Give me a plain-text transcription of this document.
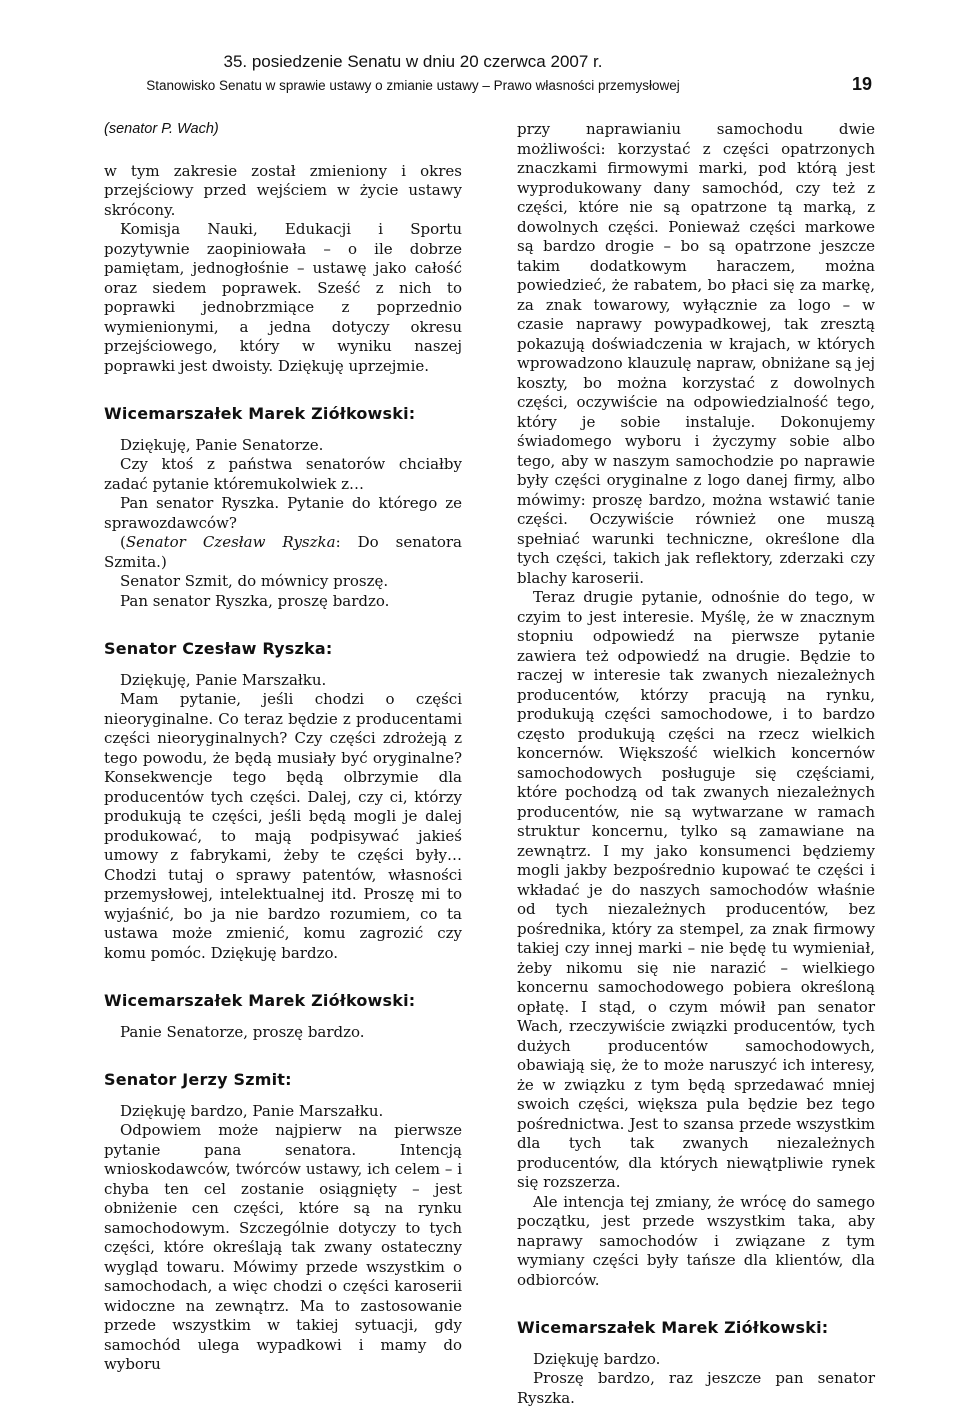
35. posiedzenie Senatu w dniu 20 czerwca 2007 r.
Stanowisko Senatu w sprawie ustawy o zmianie ustawy – Prawo własności przemysłowej	19

(senator P. Wach)

w tym zakresie został zmieniony i okres przejściowy przed wejściem w życie ustawy skrócony.

Komisja Nauki, Edukacji i Sportu pozytywnie zaopiniowała – o ile dobrze pamiętam, jednogłośnie – ustawę jako całość oraz siedem poprawek. Sześć z nich to poprawki jednobrzmiące z poprzednio wymienionymi, a jedna dotyczy okresu przejściowego, który w wyniku naszej poprawki jest dwoisty. Dziękuję uprzejmie.

Wicemarszałek Marek Ziółkowski:

Dziękuję, Panie Senatorze.

Czy ktoś z państwa senatorów chciałby zadać pytanie któremukolwiek z…

Pan senator Ryszka. Pytanie do którego ze sprawozdawców?

(Senator Czesław Ryszka: Do senatora Szmita.)

Senator Szmit, do mównicy proszę.

Pan senator Ryszka, proszę bardzo.

Senator Czesław Ryszka:

Dziękuję, Panie Marszałku.

Mam pytanie, jeśli chodzi o części nieoryginalne. Co teraz będzie z producentami części nieoryginalnych? Czy części zdrożeją z tego powodu, że będą musiały być oryginalne? Konsekwencje tego będą olbrzymie dla producentów tych części. Dalej, czy ci, którzy produkują te części, jeśli będą mogli je dalej produkować, to mają podpisywać jakieś umowy z fabrykami, żeby te części były… Chodzi tutaj o sprawy patentów, własności przemysłowej, intelektualnej itd. Proszę mi to wyjaśnić, bo ja nie bardzo rozumiem, co ta ustawa może zmienić, komu zagrozić czy komu pomóc. Dziękuję bardzo.

Wicemarszałek Marek Ziółkowski:

Panie Senatorze, proszę bardzo.

Senator Jerzy Szmit:

Dziękuję bardzo, Panie Marszałku.

Odpowiem może najpierw na pierwsze pytanie pana senatora. Intencją wnioskodawców, twórców ustawy, ich celem – i chyba ten cel zostanie osiągnięty – jest obniżenie cen części, które są na rynku samochodowym. Szczególnie dotyczy to tych części, które określają tak zwany ostateczny wygląd towaru. Mówimy przede wszystkim o samochodach, a więc chodzi o części karoserii widoczne na zewnątrz. Ma to zastosowanie przede wszystkim w takiej sytuacji, gdy samochód ulega wypadkowi i mamy do wyboru

przy naprawianiu samochodu dwie możliwości: korzystać z części opatrzonych znaczkami firmowymi marki, pod którą jest wyprodukowany dany samochód, czy też z części, które nie są opatrzone tą marką, z dowolnych części. Ponieważ części markowe są bardzo drogie – bo są opatrzone jeszcze takim dodatkowym haraczem, można powiedzieć, że rabatem, bo płaci się za markę, za znak towarowy, wyłącznie za logo – w czasie naprawy powypadkowej, tak zresztą pokazują doświadczenia w krajach, w których wprowadzono klauzulę napraw, obniżane są jej koszty, bo można korzystać z dowolnych części, oczywiście na odpowiedzialność tego, który je sobie instaluje. Dokonujemy świadomego wyboru i życzymy sobie albo tego, aby w naszym samochodzie po naprawie były części oryginalne z logo danej firmy, albo mówimy: proszę bardzo, można wstawić tanie części. Oczywiście również one muszą spełniać warunki techniczne, określone dla tych części, takich jak reflektory, zderzaki czy blachy karoserii.

Teraz drugie pytanie, odnośnie do tego, w czyim to jest interesie. Myślę, że w znacznym stopniu odpowiedź na pierwsze pytanie zawiera też odpowiedź na drugie. Będzie to raczej w interesie tak zwanych niezależnych producentów, którzy pracują na rynku, produkują części samochodowe, i to bardzo często produkują części na rzecz wielkich koncernów. Większość wielkich koncernów samochodowych posługuje się częściami, które pochodzą od tak zwanych niezależnych producentów, nie są wytwarzane w ramach struktur koncernu, tylko są zamawiane na zewnątrz. I my jako konsumenci będziemy mogli jakby bezpośrednio kupować te części i wkładać je do naszych samochodów właśnie od tych niezależnych producentów, bez pośrednika, który za stempel, za znak firmowy takiej czy innej marki – nie będę tu wymieniał, żeby nikomu się nie narazić – wielkiego koncernu samochodowego pobiera określoną opłatę. I stąd, o czym mówił pan senator Wach, rzeczywiście związki producentów, tych dużych producentów samochodowych, obawiają się, że to może naruszyć ich interesy, że w związku z tym będą sprzedawać mniej swoich części, większa pula będzie bez tego pośrednictwa. Jest to szansa przede wszystkim dla tych tak zwanych niezależnych producentów, dla których niewątpliwie rynek się rozszerza.

Ale intencja tej zmiany, że wrócę do samego początku, jest przede wszystkim taka, aby naprawy samochodów i związane z tym wymiany części były tańsze dla klientów, dla odbiorców.

Wicemarszałek Marek Ziółkowski:

Dziękuję bardzo.

Proszę bardzo, raz jeszcze pan senator Ryszka.
